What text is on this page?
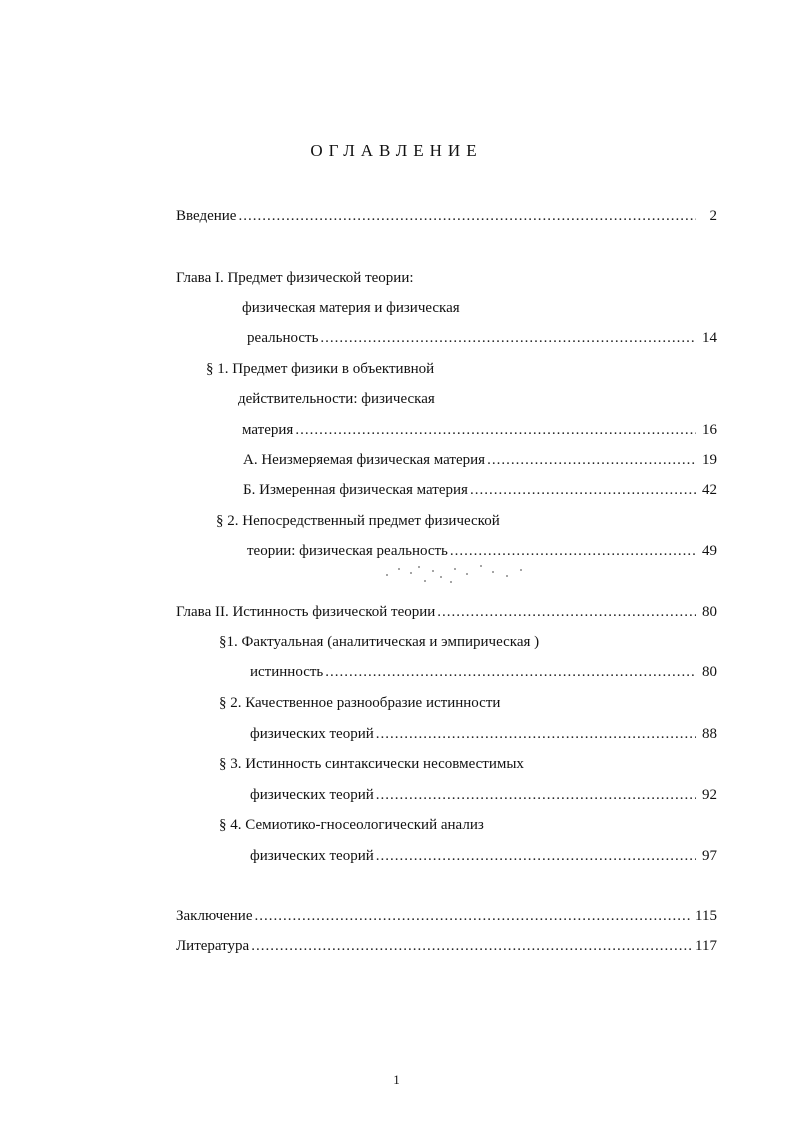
ОГЛАВЛЕНИЕ
Введение .....	2
Глава I. Предмет физической теории:
физическая материя и физическая
реальность .....	14
§ 1. Предмет физики в объективной
действительности: физическая
материя .....	16
А. Неизмеряемая физическая материя .....	19
Б. Измеренная физическая материя .....	42
§ 2. Непосредственный предмет физической
теории: физическая реальность .....	49
Глава II. Истинность физической теории .....	80
§1. Фактуальная (аналитическая и эмпирическая )
истинность .....	80
§ 2. Качественное разнообразие истинности
физических теорий .....	88
§ 3. Истинность синтаксически несовместимых
физических теорий .....	92
§ 4. Семиотико-гносеологический анализ
физических теорий .....	97
Заключение .....	115
Литература .....	117
1
